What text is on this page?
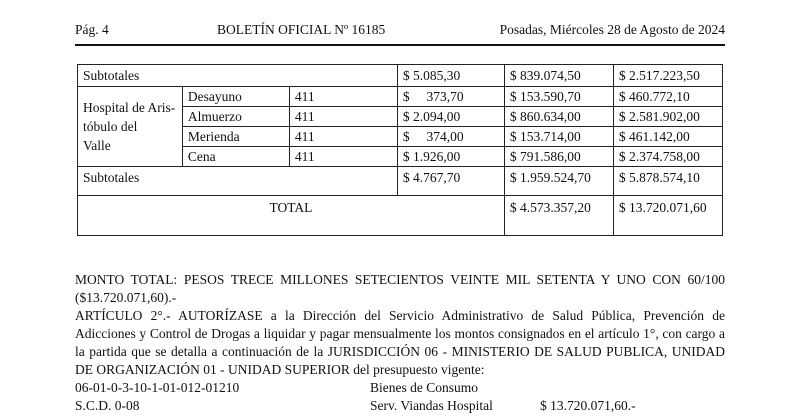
Pág. 4	BOLETÍN OFICIAL Nº 16185	Posadas, Miércoles 28 de Agosto de 2024
Subtotales			$ 5.085,30	$ 839.074,50	$ 2.517.223,50
Hospital de Aris-
tóbulo del
Valle	Desayuno	411	$     373,70	$ 153.590,70	$ 460.772,10
	Almuerzo	411	$ 2.094,00	$ 860.634,00	$ 2.581.902,00
	Merienda	411	$     374,00	$ 153.714,00	$ 461.142,00
	Cena	411	$ 1.926,00	$ 791.586,00	$ 2.374.758,00
Subtotales			$ 4.767,70	$ 1.959.524,70	$ 5.878.574,10
TOTAL				$ 4.573.357,20	$ 13.720.071,60

MONTO TOTAL: PESOS TRECE MILLONES SETECIENTOS VEINTE MIL SETENTA Y UNO CON 60/100 ($13.720.071,60).-

ARTÍCULO 2°.- AUTORÍZASE a la Dirección del Servicio Administrativo de Salud Pública, Prevención de Adicciones y Control de Drogas a liquidar y pagar mensualmente los montos consignados en el artículo 1°, con cargo a la partida que se detalla a continuación de la JURISDICCIÓN 06 - MINISTERIO DE SALUD PUBLICA, UNIDAD DE ORGANIZACIÓN 01 - UNIDAD SUPERIOR del presupuesto vigente:

06-01-0-3-10-1-01-012-01210	Bienes de Consumo
S.C.D. 0-08	Serv. Viandas Hospital	$ 13.720.071,60.-
